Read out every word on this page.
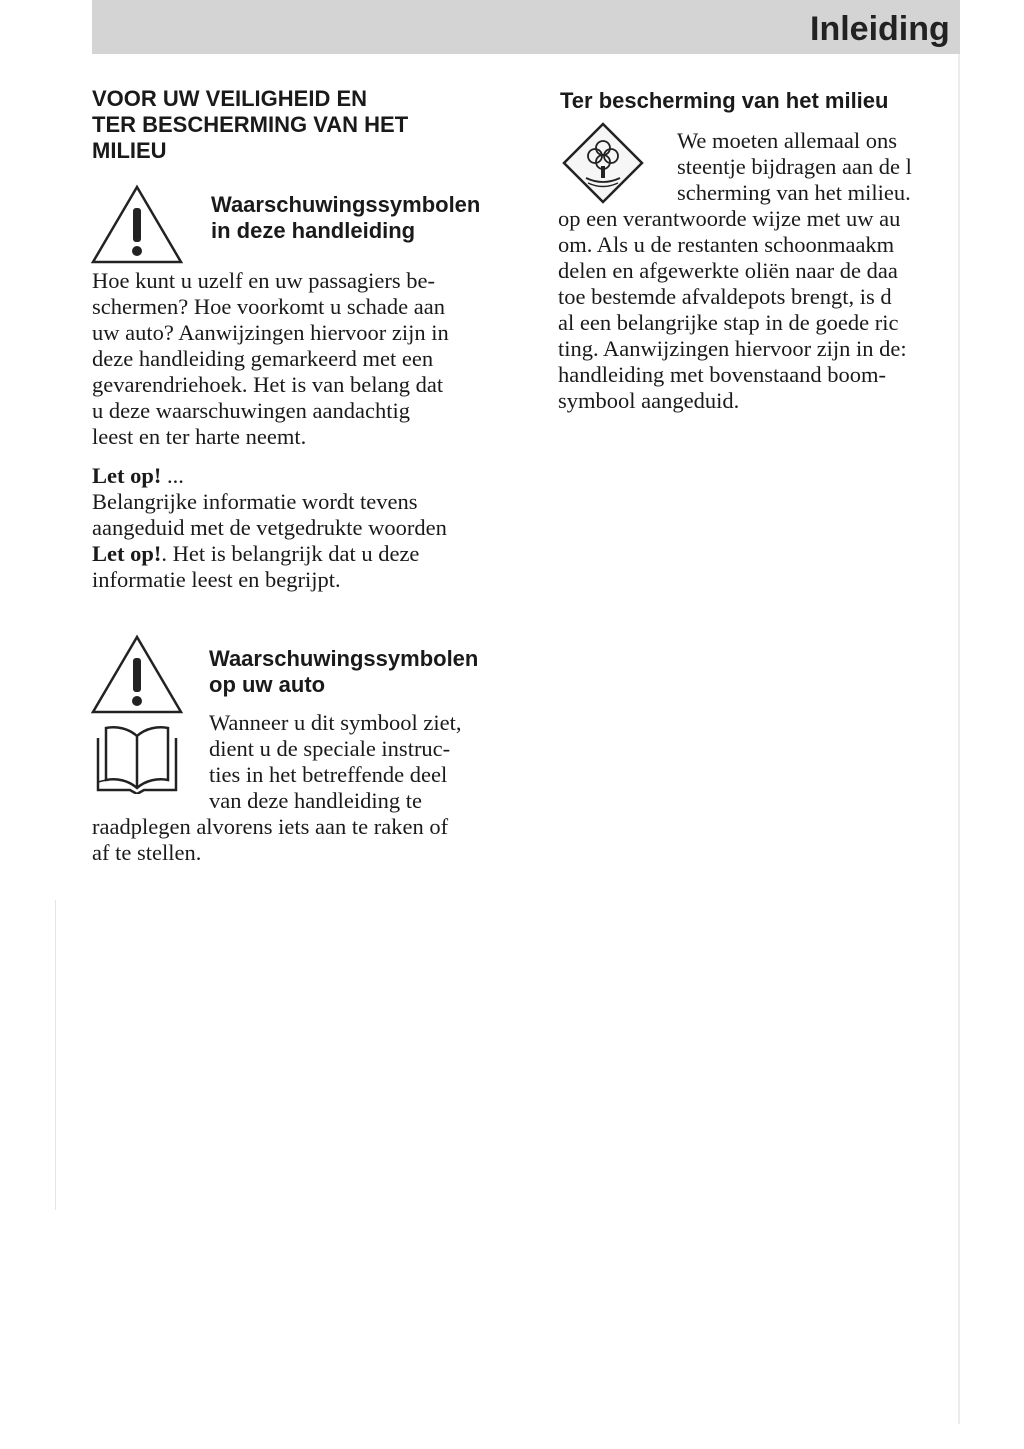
Inleiding
VOOR UW VEILIGHEID EN
TER BESCHERMING VAN HET
MILIEU
Waarschuwingssymbolen
in deze handleiding
Hoe kunt u uzelf en uw passagiers be-
schermen? Hoe voorkomt u schade aan
uw auto? Aanwijzingen hiervoor zijn in
deze handleiding gemarkeerd met een
gevarendriehoek. Het is van belang dat
u deze waarschuwingen aandachtig
leest en ter harte neemt.
Let op! ...
Belangrijke informatie wordt tevens
aangeduid met de vetgedrukte woorden
Let op!. Het is belangrijk dat u deze
informatie leest en begrijpt.
Waarschuwingssymbolen
op uw auto
Wanneer u dit symbool ziet,
dient u de speciale instruc-
ties in het betreffende deel
van deze handleiding te
raadplegen alvorens iets aan te raken of
af te stellen.
Ter bescherming van het milieu
We moeten allemaal ons
steentje bijdragen aan de l
scherming van het milieu.
op een verantwoorde wijze met uw au
om. Als u de restanten schoonmaakm
delen en afgewerkte oliën naar de daa
toe bestemde afvaldepots brengt, is d
al een belangrijke stap in de goede ric
ting. Aanwijzingen hiervoor zijn in de:
handleiding met bovenstaand boom-
symbool aangeduid.
